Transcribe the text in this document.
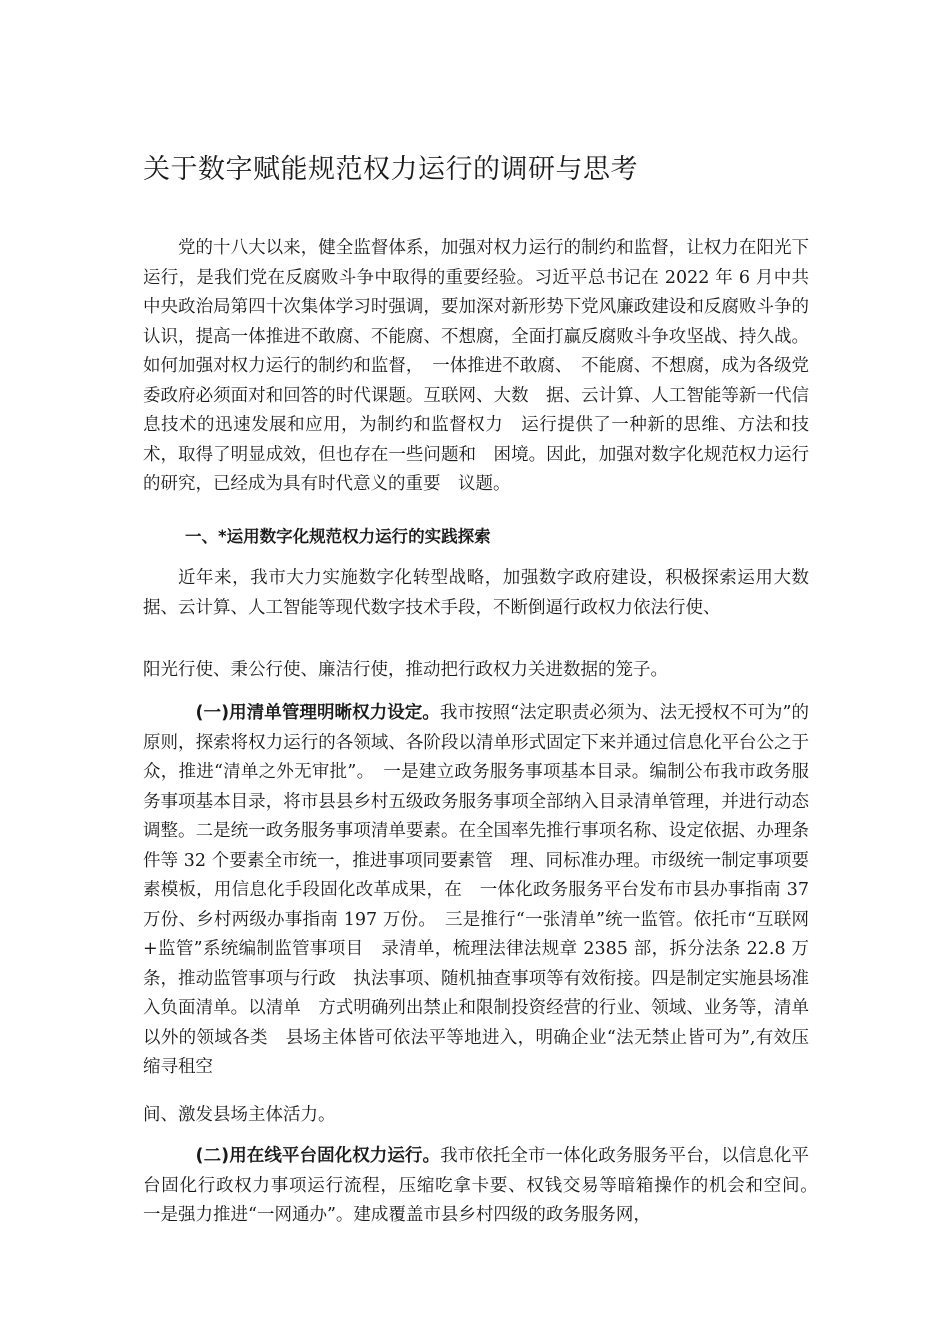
关于数字赋能规范权力运行的调研与思考

党的十八大以来，健全监督体系，加强对权力运行的制约和监督，让权力在阳光下运行，是我们党在反腐败斗争中取得的重要经验。习近平总书记在 2022 年 6 月中共中央政治局第四十次集体学习时强调，要加深对新形势下党风廉政建设和反腐败斗争的认识，提高一体推进不敢腐、不能腐、不想腐，全面打赢反腐败斗争攻坚战、持久战。如何加强对权力运行的制约和监督，　一体推进不敢腐、　不能腐、不想腐，成为各级党委政府必须面对和回答的时代课题。互联网、大数　据、云计算、人工智能等新一代信息技术的迅速发展和应用，为制约和监督权力　运行提供了一种新的思维、方法和技术，取得了明显成效，但也存在一些问题和　困境。因此，加强对数字化规范权力运行的研究，已经成为具有时代意义的重要　议题。

一、*运用数字化规范权力运行的实践探索

近年来，我市大力实施数字化转型战略，加强数字政府建设，积极探索运用大数据、云计算、人工智能等现代数字技术手段，不断倒逼行政权力依法行使、

阳光行使、秉公行使、廉洁行使，推动把行政权力关进数据的笼子。

(一)用清单管理明晰权力设定。我市按照“法定职责必须为、法无授权不可为”的原则，探索将权力运行的各领域、各阶段以清单形式固定下来并通过信息化平台公之于众，推进“清单之外无审批”。　一是建立政务服务事项基本目录。编制公布我市政务服务事项基本目录，将市县县乡村五级政务服务事项全部纳入目录清单管理，并进行动态调整。二是统一政务服务事项清单要素。在全国率先推行事项名称、设定依据、办理条件等 32 个要素全市统一，推进事项同要素管　理、同标准办理。市级统一制定事项要素模板，用信息化手段固化改革成果，在　一体化政务服务平台发布市县办事指南 37 万份、乡村两级办事指南 197 万份。　三是推行“一张清单”统一监管。依托市“互联网+监管”系统编制监管事项目　录清单，梳理法律法规章 2385 部，拆分法条 22.8 万条，推动监管事项与行政　执法事项、随机抽查事项等有效衔接。四是制定实施县场准入负面清单。以清单　方式明确列出禁止和限制投资经营的行业、领域、业务等，清单以外的领域各类　县场主体皆可依法平等地进入，明确企业“法无禁止皆可为”,有效压缩寻租空

间、激发县场主体活力。

(二)用在线平台固化权力运行。我市依托全市一体化政务服务平台，以信息化平台固化行政权力事项运行流程，压缩吃拿卡要、权钱交易等暗箱操作的机会和空间。　一是强力推进“一网通办”。建成覆盖市县乡村四级的政务服务网，
